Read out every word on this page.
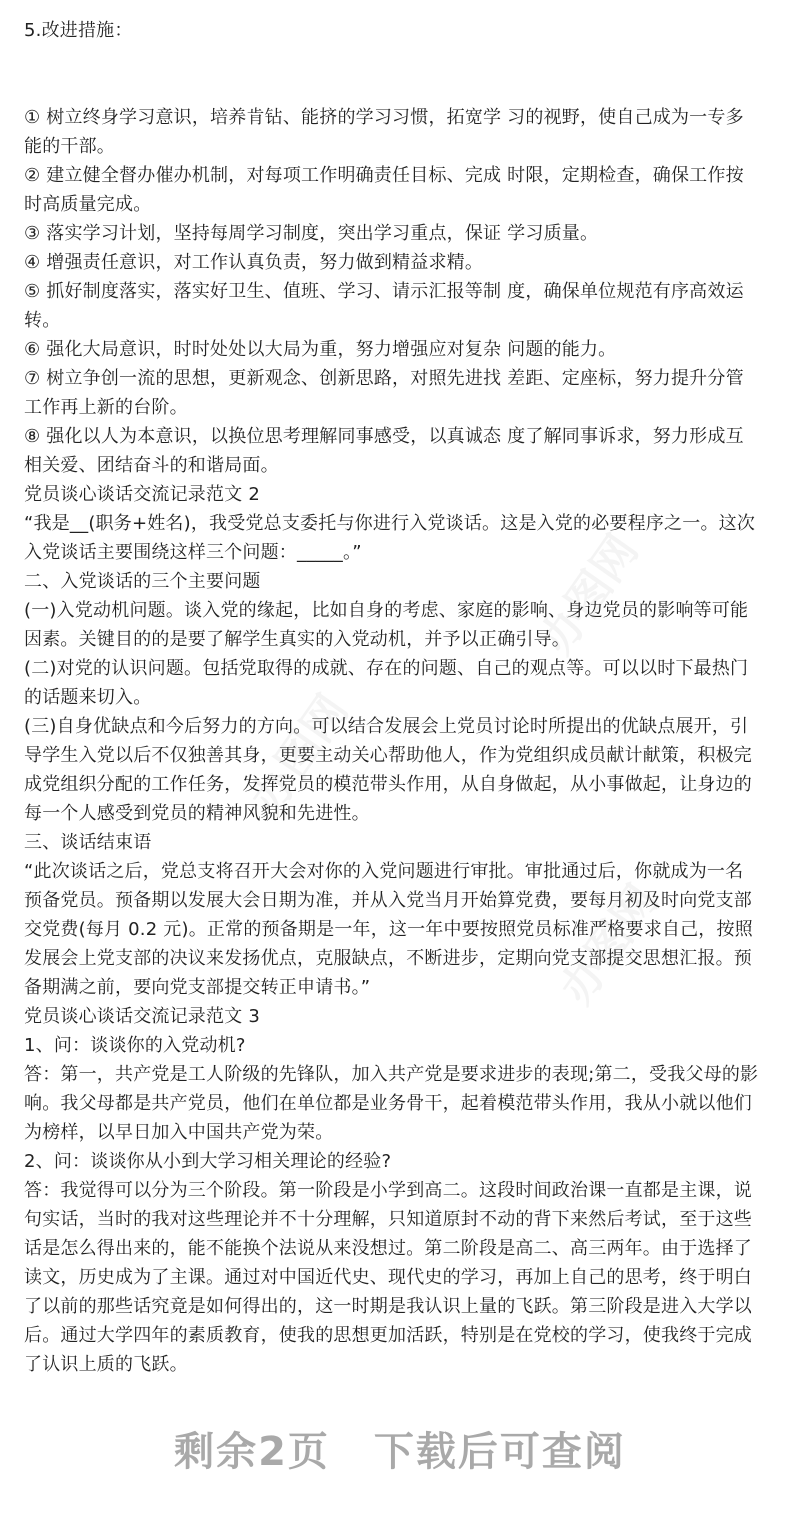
5.改进措施：
① 树立终身学习意识，培养肯钻、能挤的学习习惯，拓宽学 习的视野，使自己成为一专多
能的干部。
② 建立健全督办催办机制，对每项工作明确责任目标、完成 时限，定期检查，确保工作按
时高质量完成。
③ 落实学习计划，坚持每周学习制度，突出学习重点，保证 学习质量。
④ 增强责任意识，对工作认真负责，努力做到精益求精。
⑤ 抓好制度落实，落实好卫生、值班、学习、请示汇报等制 度，确保单位规范有序高效运
转。
⑥ 强化大局意识，时时处处以大局为重，努力增强应对复杂 问题的能力。
⑦ 树立争创一流的思想，更新观念、创新思路，对照先进找 差距、定座标，努力提升分管
工作再上新的台阶。
⑧ 强化以人为本意识，以换位思考理解同事感受，以真诚态 度了解同事诉求，努力形成互
相关爱、团结奋斗的和谐局面。
党员谈心谈话交流记录范文 2
“我是__(职务+姓名)，我受党总支委托与你进行入党谈话。这是入党的必要程序之一。这次
入党谈话主要围绕这样三个问题：_____。”
二、入党谈话的三个主要问题
(一)入党动机问题。谈入党的缘起，比如自身的考虑、家庭的影响、身边党员的影响等可能
因素。关键目的的是要了解学生真实的入党动机，并予以正确引导。
(二)对党的认识问题。包括党取得的成就、存在的问题、自己的观点等。可以以时下最热门
的话题来切入。
(三)自身优缺点和今后努力的方向。可以结合发展会上党员讨论时所提出的优缺点展开，引
导学生入党以后不仅独善其身，更要主动关心帮助他人，作为党组织成员献计献策，积极完
成党组织分配的工作任务，发挥党员的模范带头作用，从自身做起，从小事做起，让身边的
每一个人感受到党员的精神风貌和先进性。
三、谈话结束语
“此次谈话之后，党总支将召开大会对你的入党问题进行审批。审批通过后，你就成为一名
预备党员。预备期以发展大会日期为准，并从入党当月开始算党费，要每月初及时向党支部
交党费(每月 0.2 元)。正常的预备期是一年，这一年中要按照党员标准严格要求自己，按照
发展会上党支部的决议来发扬优点，克服缺点，不断进步，定期向党支部提交思想汇报。预
备期满之前，要向党支部提交转正申请书。”
党员谈心谈话交流记录范文 3
1、问：谈谈你的入党动机?
答：第一，共产党是工人阶级的先锋队，加入共产党是要求进步的表现;第二，受我父母的影
响。我父母都是共产党员，他们在单位都是业务骨干，起着模范带头作用，我从小就以他们
为榜样，以早日加入中国共产党为荣。
2、问：谈谈你从小到大学习相关理论的经验?
答：我觉得可以分为三个阶段。第一阶段是小学到高二。这段时间政治课一直都是主课，说
句实话，当时的我对这些理论并不十分理解，只知道原封不动的背下来然后考试，至于这些
话是怎么得出来的，能不能换个法说从来没想过。第二阶段是高二、高三两年。由于选择了
读文，历史成为了主课。通过对中国近代史、现代史的学习，再加上自己的思考，终于明白
了以前的那些话究竟是如何得出的，这一时期是我认识上量的飞跃。第三阶段是进入大学以
后。通过大学四年的素质教育，使我的思想更加活跃，特别是在党校的学习，使我终于完成
了认识上质的飞跃。
剩余2页 下载后可查阅
